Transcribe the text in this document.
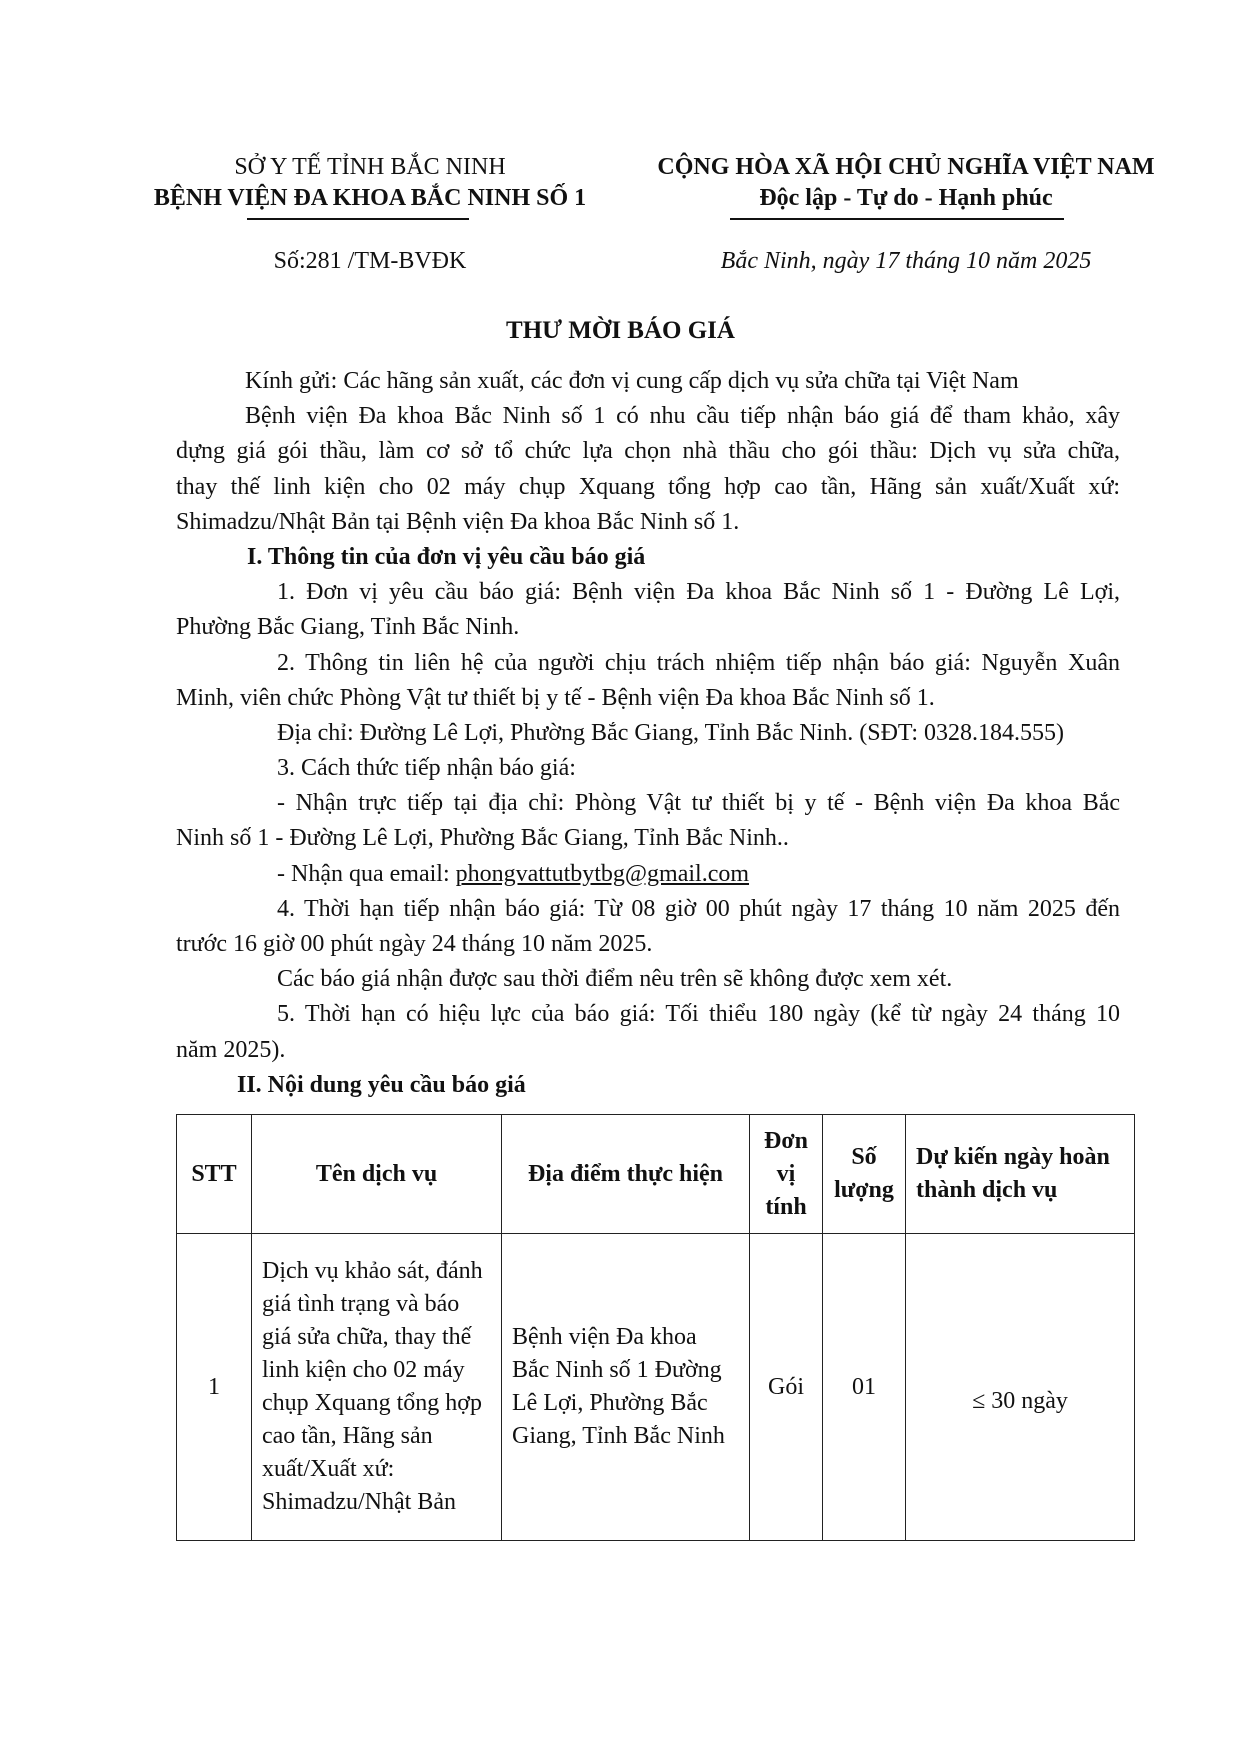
SỞ Y TẾ TỈNH BẮC NINH
BỆNH VIỆN ĐA KHOA BẮC NINH SỐ 1
CỘNG HÒA XÃ HỘI CHỦ NGHĨA VIỆT NAM
Độc lập - Tự do - Hạnh phúc
Số:281 /TM-BVĐK	Bắc Ninh, ngày 17 tháng 10 năm 2025
THƯ MỜI BÁO GIÁ
Kính gửi: Các hãng sản xuất, các đơn vị cung cấp dịch vụ sửa chữa tại Việt Nam
Bệnh viện Đa khoa Bắc Ninh số 1 có nhu cầu tiếp nhận báo giá để tham khảo, xây
dựng giá gói thầu, làm cơ sở tổ chức lựa chọn nhà thầu cho gói thầu: Dịch vụ sửa chữa,
thay thế linh kiện cho 02 máy chụp Xquang tổng hợp cao tần, Hãng sản xuất/Xuất xứ:
Shimadzu/Nhật Bản tại Bệnh viện Đa khoa Bắc Ninh số 1.
I. Thông tin của đơn vị yêu cầu báo giá
1. Đơn vị yêu cầu báo giá: Bệnh viện Đa khoa Bắc Ninh số 1 - Đường Lê Lợi,
Phường Bắc Giang, Tỉnh Bắc Ninh.
2. Thông tin liên hệ của người chịu trách nhiệm tiếp nhận báo giá: Nguyễn Xuân
Minh, viên chức Phòng Vật tư thiết bị y tế - Bệnh viện Đa khoa Bắc Ninh số 1.
Địa chỉ: Đường Lê Lợi, Phường Bắc Giang, Tỉnh Bắc Ninh. (SĐT: 0328.184.555)
3. Cách thức tiếp nhận báo giá:
- Nhận trực tiếp tại địa chỉ: Phòng Vật tư thiết bị y tế - Bệnh viện Đa khoa Bắc
Ninh số 1 - Đường Lê Lợi, Phường Bắc Giang, Tỉnh Bắc Ninh..
- Nhận qua email: phongvattutbytbg@gmail.com
4. Thời hạn tiếp nhận báo giá: Từ 08 giờ 00 phút ngày 17 tháng 10 năm 2025 đến
trước 16 giờ 00 phút ngày 24 tháng 10 năm 2025.
Các báo giá nhận được sau thời điểm nêu trên sẽ không được xem xét.
5. Thời hạn có hiệu lực của báo giá: Tối thiểu 180 ngày (kể từ ngày 24 tháng 10
năm 2025).
II. Nội dung yêu cầu báo giá
STT	Tên dịch vụ	Địa điểm thực hiện	Đơn vị tính	Số lượng	Dự kiến ngày hoàn thành dịch vụ
1	Dịch vụ khảo sát, đánh giá tình trạng và báo giá sửa chữa, thay thế linh kiện cho 02 máy chụp Xquang tổng hợp cao tần, Hãng sản xuất/Xuất xứ: Shimadzu/Nhật Bản	Bệnh viện Đa khoa Bắc Ninh số 1 Đường Lê Lợi, Phường Bắc Giang, Tỉnh Bắc Ninh	Gói	01	≤ 30 ngày
